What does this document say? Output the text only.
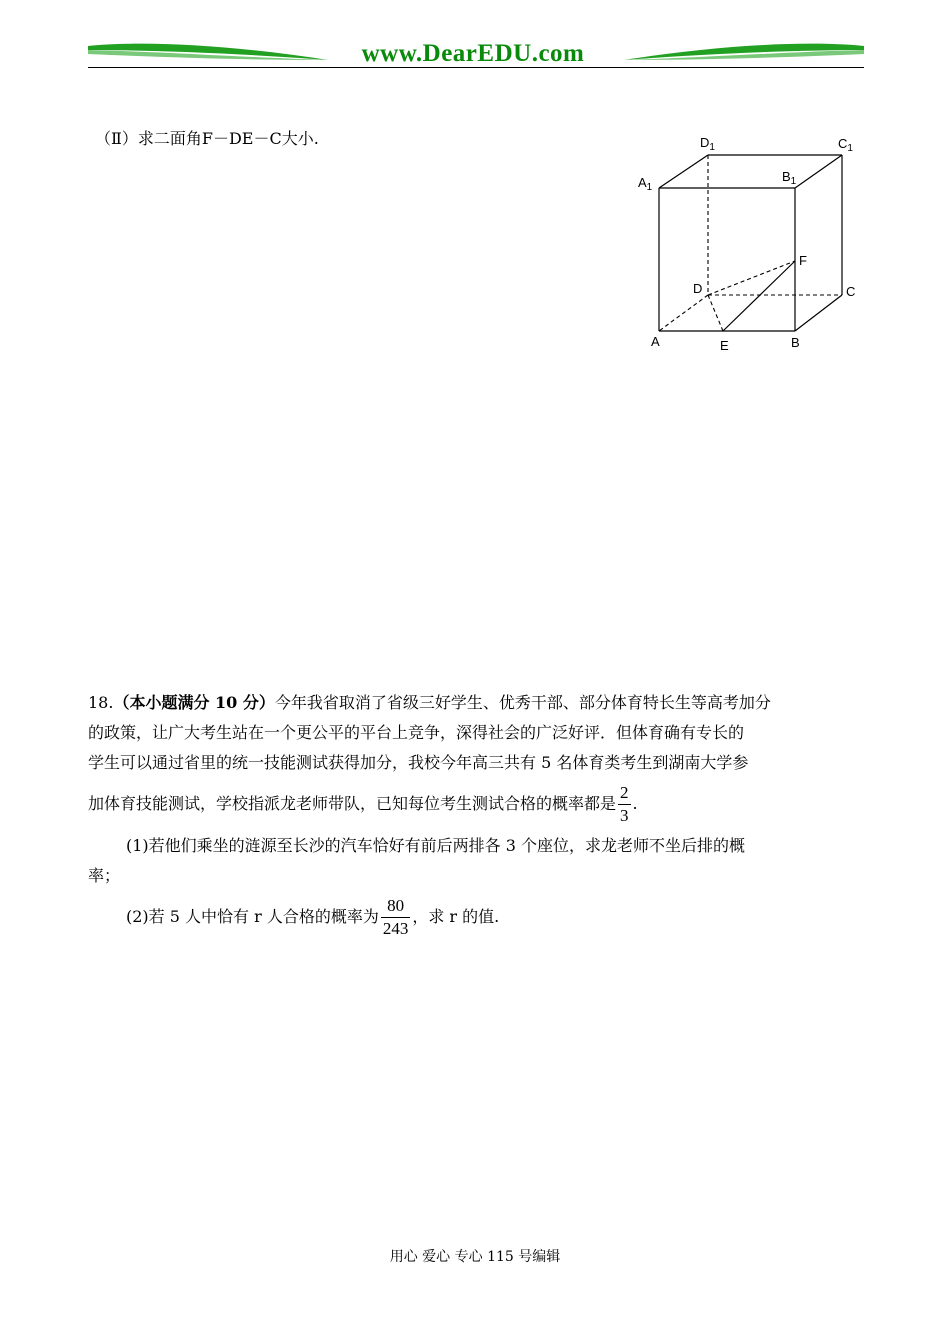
www.DearEDU.com
（Ⅱ）求二面角F－DE－C大小.	$D_1$	$C_1$
$A_1$
$B_1$
F
D	C
A	E	B
18.（本小题满分 10 分）今年我省取消了省级三好学生、优秀干部、部分体育特长生等高考加分
的政策，让广大考生站在一个更公平的平台上竞争，深得社会的广泛好评．但体育确有专长的
学生可以通过省里的统一技能测试获得加分，我校今年高三共有 5 名体育类考生到湖南大学参
加体育技能测试，学校指派龙老师带队，已知每位考生测试合格的概率都是 $\frac{2}{3}$ .
(1)若他们乘坐的涟源至长沙的汽车恰好有前后两排各 3 个座位，求龙老师不坐后排的概
率；
(2)若 5 人中恰有 r 人合格的概率为 $\frac{80}{243}$ ，求 r 的值.
用心 爱心 专心 115 号编辑
